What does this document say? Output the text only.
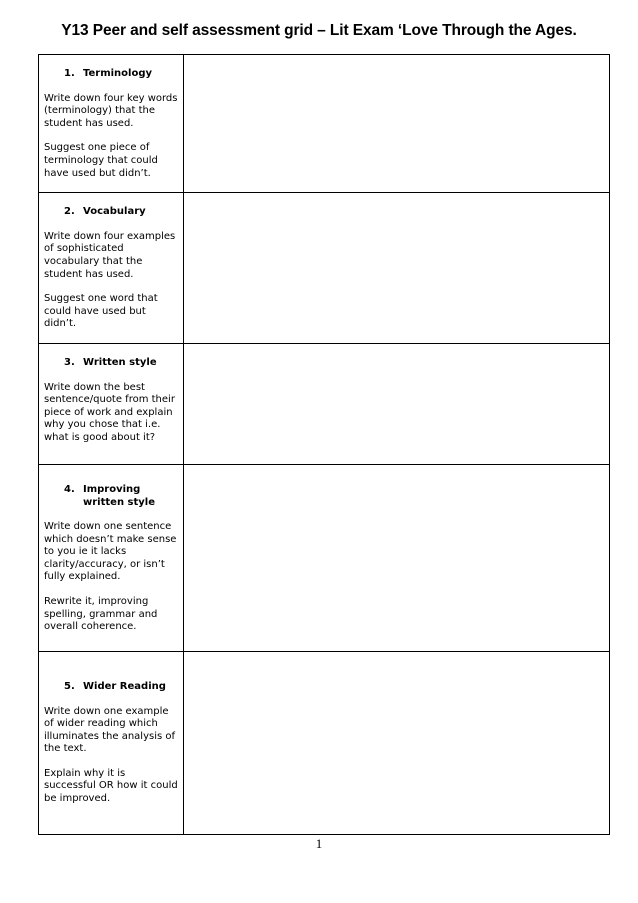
Y13 Peer and self assessment grid – Lit Exam ‘Love Through the Ages.
1. Terminology
Write down four key words (terminology) that the student has used.
Suggest one piece of terminology that could have used but didn’t.	

2. Vocabulary
Write down four examples of sophisticated vocabulary that the student has used.
Suggest one word that could have used but didn’t.	

3. Written style
Write down the best sentence/quote from their piece of work and explain why you chose that i.e. what is good about it?	

4. Improving written style
Write down one sentence which doesn’t make sense to you ie it lacks clarity/accuracy, or isn’t fully explained.
Rewrite it, improving spelling, grammar and overall coherence.	

5. Wider Reading
Write down one example of wider reading which illuminates the analysis of the text.
Explain why it is successful OR how it could be improved.	

1
